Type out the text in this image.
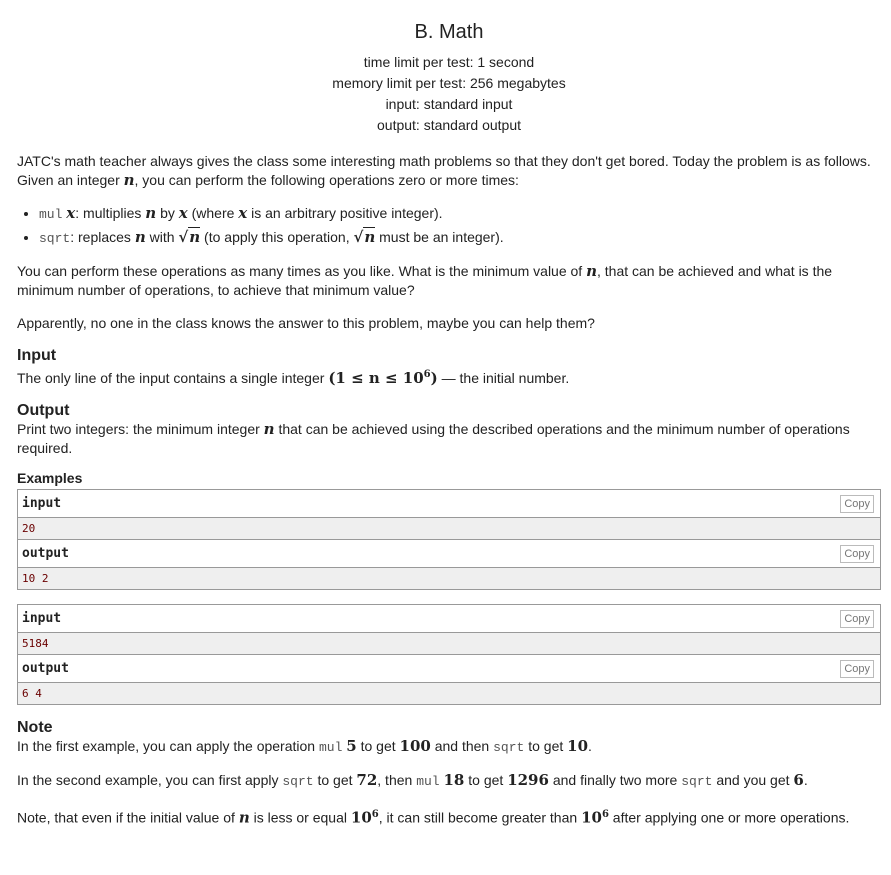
B. Math
time limit per test: 1 second
memory limit per test: 256 megabytes
input: standard input
output: standard output

JATC's math teacher always gives the class some interesting math problems so that they don't get bored. Today the problem is as follows. Given an integer n, you can perform the following operations zero or more times:

• mul x: multiplies n by x (where x is an arbitrary positive integer).
• sqrt: replaces n with √n (to apply this operation, √n must be an integer).

You can perform these operations as many times as you like. What is the minimum value of n, that can be achieved and what is the minimum number of operations, to achieve that minimum value?

Apparently, no one in the class knows the answer to this problem, maybe you can help them?

Input

The only line of the input contains a single integer $(1 \le n \le 10^6)$ — the initial number.

Output

Print two integers: the minimum integer n that can be achieved using the described operations and the minimum number of operations required.

Examples
input	Copy
20
output	Copy
10 2
input	Copy
5184
output	Copy
6 4
Note

In the first example, you can apply the operation mul 5 to get 100 and then sqrt to get 10.

In the second example, you can first apply sqrt to get 72, then mul 18 to get 1296 and finally two more sqrt and you get 6.

Note, that even if the initial value of n is less or equal $10^6$, it can still become greater than $10^6$ after applying one or more operations.
